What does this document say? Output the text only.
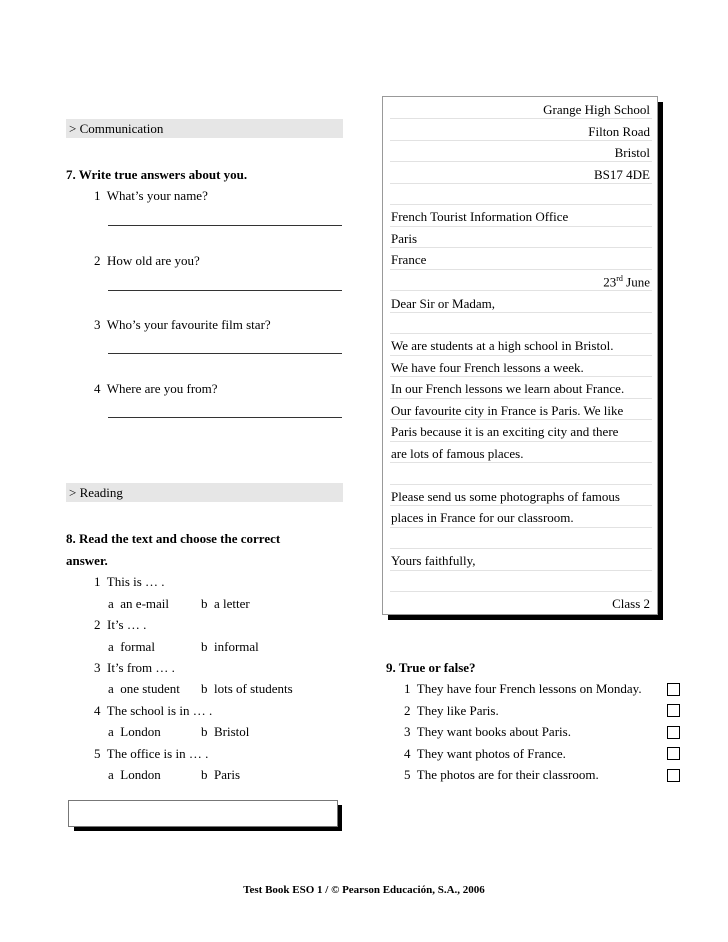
> Communication
7. Write true answers about you.
1 What’s your name?
2 How old are you?
3 Who’s your favourite film star?
4 Where are you from?
> Reading
8. Read the text and choose the correct
answer.
1 This is … .
a an e-mail b a letter
2 It’s … .
a formal	b informal
3 It’s from … .
a one student b lots of students
4 The school is in … .
a London	b Bristol
5 The office is in … .
a London	b Paris
Grange High School
Filton Road
Bristol
BS17 4DE
French Tourist Information Office
Paris
France
23rd June
Dear Sir or Madam,
We are students at a high school in Bristol.
We have four French lessons a week.
In our French lessons we learn about France.
Our favourite city in France is Paris. We like
Paris because it is an exciting city and there
are lots of famous places.
Please send us some photographs of famous
places in France for our classroom.
Yours faithfully,
Class 2
9. True or false?
1 They have four French lessons on Monday.
2 They like Paris.
3 They want books about Paris.
4 They want photos of France.
5 The photos are for their classroom.
Test Book ESO 1 / © Pearson Educación, S.A., 2006
